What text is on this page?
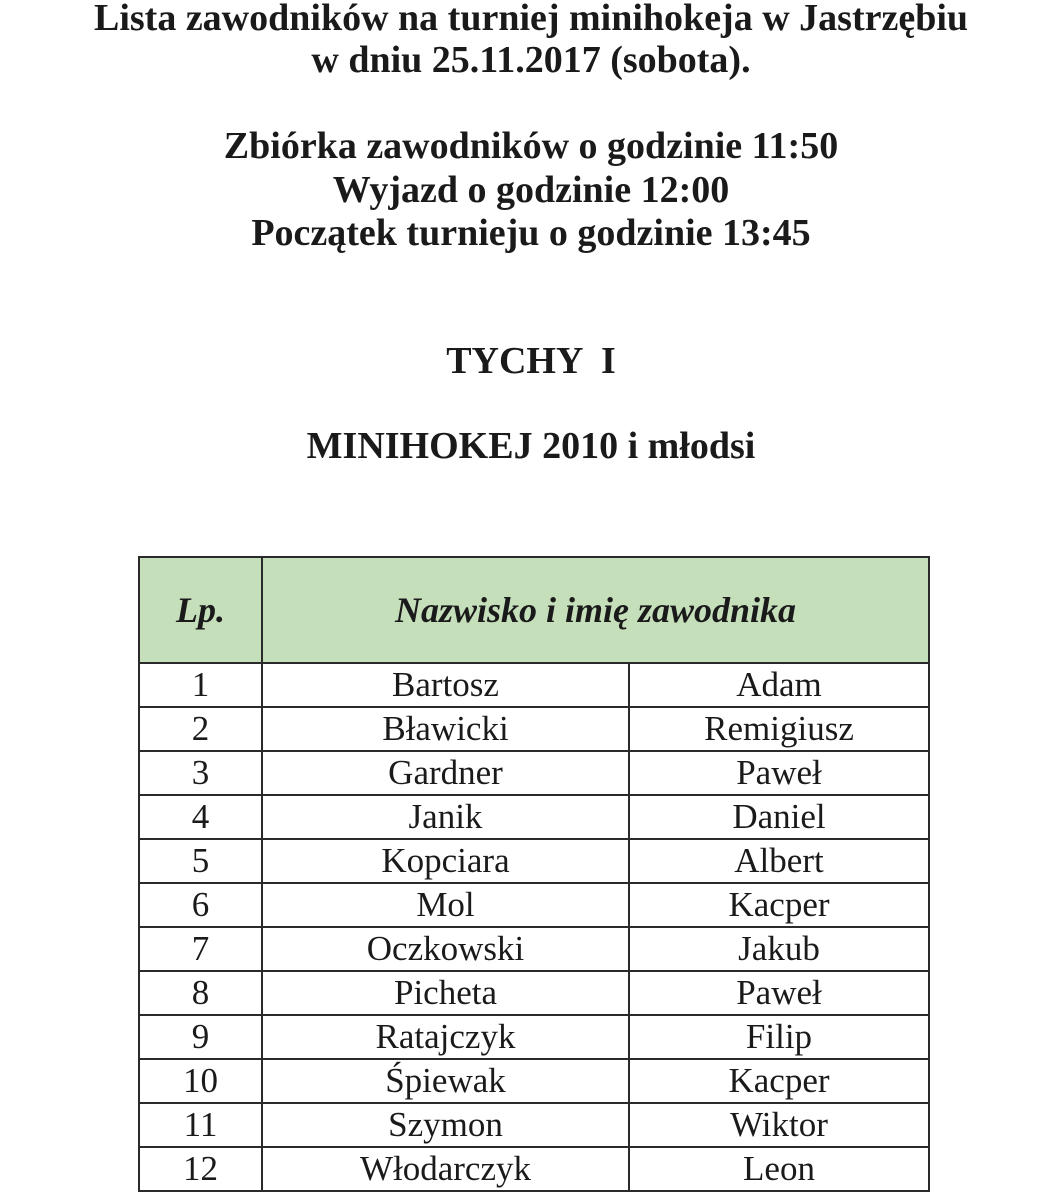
Lista zawodników na turniej minihokeja w Jastrzębiu
w dniu 25.11.2017 (sobota).
Zbiórka zawodników o godzinie 11:50
Wyjazd o godzinie 12:00
Początek turnieju o godzinie 13:45
TYCHY  I
MINIHOKEJ 2010 i młodsi
Lp.	Nazwisko i imię zawodnika	
1	Bartosz	Adam
2	Bławicki	Remigiusz
3	Gardner	Paweł
4	Janik	Daniel
5	Kopciara	Albert
6	Mol	Kacper
7	Oczkowski	Jakub
8	Picheta	Paweł
9	Ratajczyk	Filip
10	Śpiewak	Kacper
11	Szymon	Wiktor
12	Włodarczyk	Leon
